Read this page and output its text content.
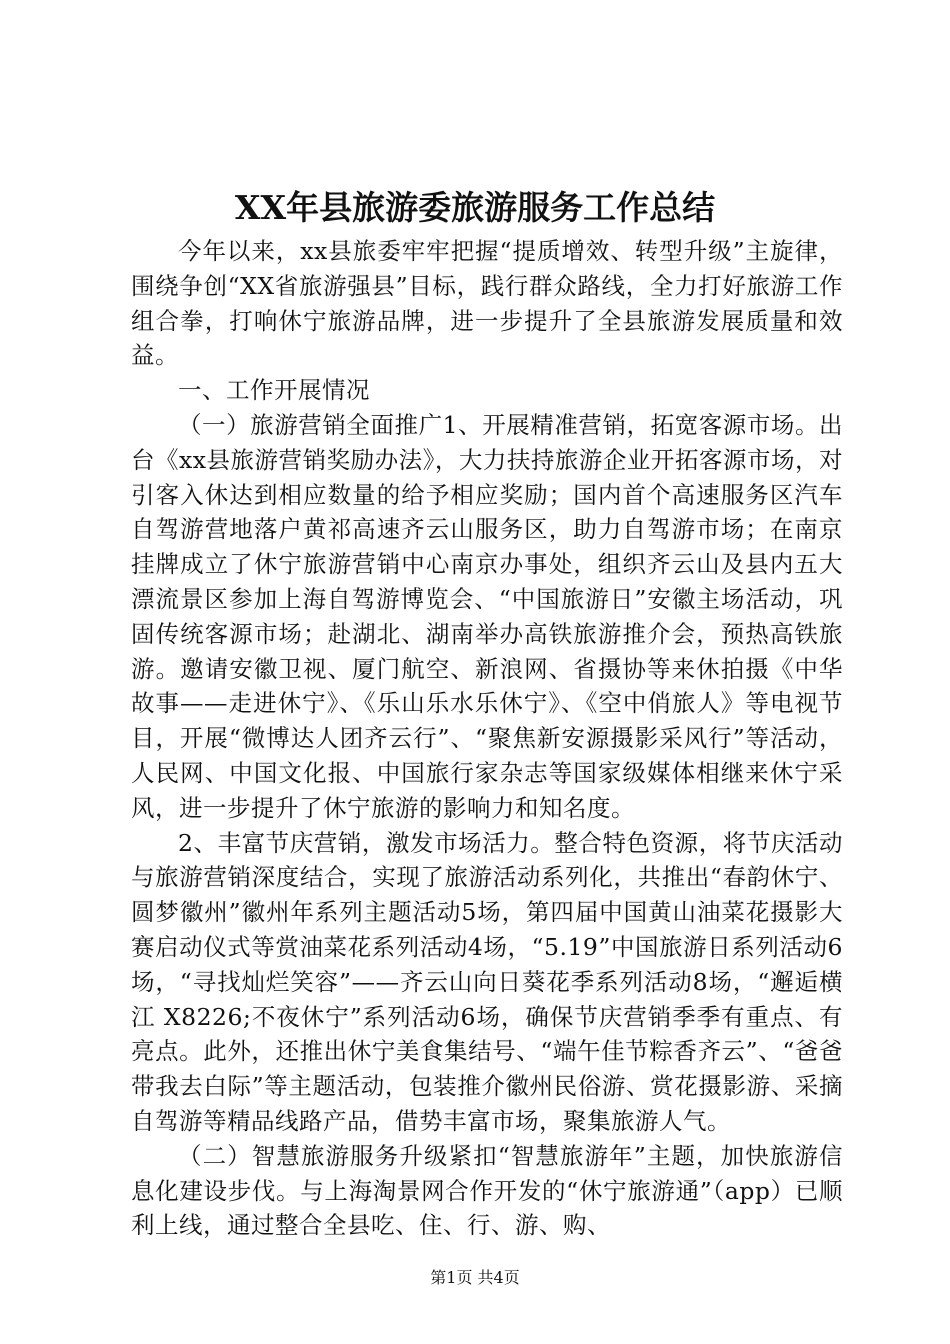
XX年县旅游委旅游服务工作总结

今年以来，xx县旅委牢牢把握“提质增效、转型升级”主旋律，围绕争创“XX省旅游强县”目标，践行群众路线，全力打好旅游工作组合拳，打响休宁旅游品牌，进一步提升了全县旅游发展质量和效益。

一、工作开展情况

（一）旅游营销全面推广1、开展精准营销，拓宽客源市场。出台《xx县旅游营销奖励办法》，大力扶持旅游企业开拓客源市场，对引客入休达到相应数量的给予相应奖励；国内首个高速服务区汽车自驾游营地落户黄祁高速齐云山服务区，助力自驾游市场；在南京挂牌成立了休宁旅游营销中心南京办事处，组织齐云山及县内五大漂流景区参加上海自驾游博览会、“中国旅游日”安徽主场活动，巩固传统客源市场；赴湖北、湖南举办高铁旅游推介会，预热高铁旅游。邀请安徽卫视、厦门航空、新浪网、省摄协等来休拍摄《中华故事——走进休宁》、《乐山乐水乐休宁》、《空中俏旅人》等电视节目，开展“微博达人团齐云行”、“聚焦新安源摄影采风行”等活动，人民网、中国文化报、中国旅行家杂志等国家级媒体相继来休宁采风，进一步提升了休宁旅游的影响力和知名度。

2、丰富节庆营销，激发市场活力。整合特色资源，将节庆活动与旅游营销深度结合，实现了旅游活动系列化，共推出“春韵休宁、圆梦徽州”徽州年系列主题活动5场，第四届中国黄山油菜花摄影大赛启动仪式等赏油菜花系列活动4场，“5.19”中国旅游日系列活动6场，“寻找灿烂笑容”——齐云山向日葵花季系列活动8场，“邂逅横江 X8226;不夜休宁”系列活动6场，确保节庆营销季季有重点、有亮点。此外，还推出休宁美食集结号、“端午佳节粽香齐云”、“爸爸带我去白际”等主题活动，包装推介徽州民俗游、赏花摄影游、采摘自驾游等精品线路产品，借势丰富市场，聚集旅游人气。

（二）智慧旅游服务升级紧扣“智慧旅游年”主题，加快旅游信息化建设步伐。与上海淘景网合作开发的“休宁旅游通”（app）已顺利上线，通过整合全县吃、住、行、游、购、

第1页 共4页
